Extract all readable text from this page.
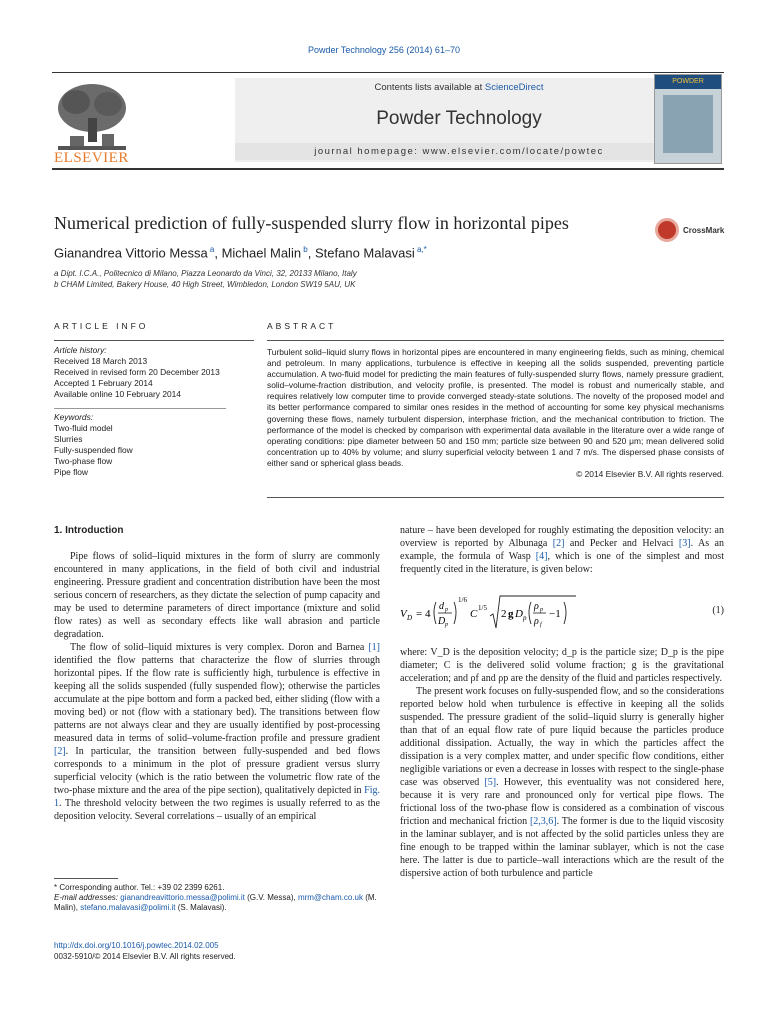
Powder Technology 256 (2014) 61–70
ELSEVIER
Contents lists available at ScienceDirect
Powder Technology
journal homepage: www.elsevier.com/locate/powtec
POWDER
Numerical prediction of fully-suspended slurry flow in horizontal pipes	CrossMark
Gianandrea Vittorio Messa $^a$, Michael Malin $^b$, Stefano Malavasi $^{a,*}$
a Dipt. I.C.A., Politecnico di Milano, Piazza Leonardo da Vinci, 32, 20133 Milano, Italy
b CHAM Limited, Bakery House, 40 High Street, Wimbledon, London SW19 5AU, UK
ARTICLE INFO	ABSTRACT
Article history:
Received 18 March 2013
Received in revised form 20 December 2013
Accepted 1 February 2014
Available online 10 February 2014
Keywords:
Two-fluid model
Slurries
Fully-suspended flow
Two-phase flow
Pipe flow
Turbulent solid–liquid slurry flows in horizontal pipes are encountered in many engineering fields, such as mining, chemical and petroleum. In many applications, turbulence is effective in keeping all the solids suspended, preventing particle accumulation. A two-fluid model for predicting the main features of fully-suspended slurry flows, namely pressure gradient, solid–volume-fraction distribution, and velocity profile, is presented. The model is robust and numerically stable, and requires relatively low computer time to provide converged steady-state solutions. The novelty of the proposed model and its better performance compared to similar ones resides in the method of accounting for some key physical mechanisms governing these flows, namely turbulent dispersion, interphase friction, and the mechanical contribution to friction. The performance of the model is checked by comparison with experimental data available in the literature over a wide range of operating conditions: pipe diameter between 50 and 150 mm; particle size between 90 and 520 μm; mean delivered solid concentration up to 40% by volume; and slurry superficial velocity between 1 and 7 m/s. The dispersed phase consists of either sand or spherical glass beads.
© 2014 Elsevier B.V. All rights reserved.
1. Introduction

Pipe flows of solid–liquid mixtures in the form of slurry are commonly encountered in many applications, in the field of both civil and industrial engineering. Pressure gradient and concentration distribution have been the most serious concern of researchers, as they dictate the selection of pump capacity and may be used to determine parameters of direct importance (mixture and solid flow rates) as well as secondary effects like wall abrasion and particle degradation.

The flow of solid–liquid mixtures is very complex. Doron and Barnea [1] identified the flow patterns that characterize the flow of slurries through horizontal pipes. If the flow rate is sufficiently high, turbulence is effective in keeping all the solids suspended (fully suspended flow); otherwise the particles accumulate at the pipe bottom and form a packed bed, either sliding (flow with a moving bed) or not (flow with a stationary bed). The transitions between flow patterns are not always clear and they are usually identified by post-processing measured data in terms of solid–volume-fraction profile and pressure gradient [2]. In particular, the transition between fully-suspended and bed flows corresponds to a minimum in the plot of pressure gradient versus slurry superficial velocity (which is the ratio between the volumetric flow rate of the two-phase mixture and the area of the pipe section), qualitatively depicted in Fig. 1. The threshold velocity between the two regimes is usually referred to as the deposition velocity. Several correlations – usually of an empirical

nature – have been developed for roughly estimating the deposition velocity: an overview is reported by Albunaga [2] and Pecker and Helvaci [3]. As an example, the formula of Wasp [4], which is one of the simplest and most frequently cited in the literature, is given below:

V D = 4
d p
D p
1/6
C 1/5 2 g D p
ρ p
ρ f
−1	(1)

where: V_D is the deposition velocity; d_p is the particle size; D_p is the pipe diameter; C is the delivered solid volume fraction; g is the gravitational acceleration; and ρf and ρp are the density of the fluid and particles respectively.

The present work focuses on fully-suspended flow, and so the considerations reported below hold when turbulence is effective in keeping all the solids suspended. The pressure gradient of the solid–liquid slurry is generally higher than that of an equal flow rate of pure liquid because the particles produce additional dissipation. Actually, the way in which the particles affect the dissipation is a very complex matter, and under specific flow conditions, either negligible variations or even a decrease in losses with respect to the single-phase case was observed [5]. However, this eventuality was not considered here, because it is very rare and pronounced only for vertical pipe flows. The frictional loss of the two-phase flow is considered as a combination of viscous friction and mechanical friction [2,3,6]. The former is due to the liquid viscosity in the laminar sublayer, and is not affected by the solid particles unless they are fine enough to be trapped within the laminar sublayer, which is not the case here. The latter is due to particle–wall interactions which are the result of the dispersive action of both turbulence and particle

* Corresponding author. Tel.: +39 02 2399 6261.
E-mail addresses: gianandreavittorio.messa@polimi.it (G.V. Messa), mrm@cham.co.uk (M. Malin), stefano.malavasi@polimi.it (S. Malavasi).
http://dx.doi.org/10.1016/j.powtec.2014.02.005
0032-5910/© 2014 Elsevier B.V. All rights reserved.
